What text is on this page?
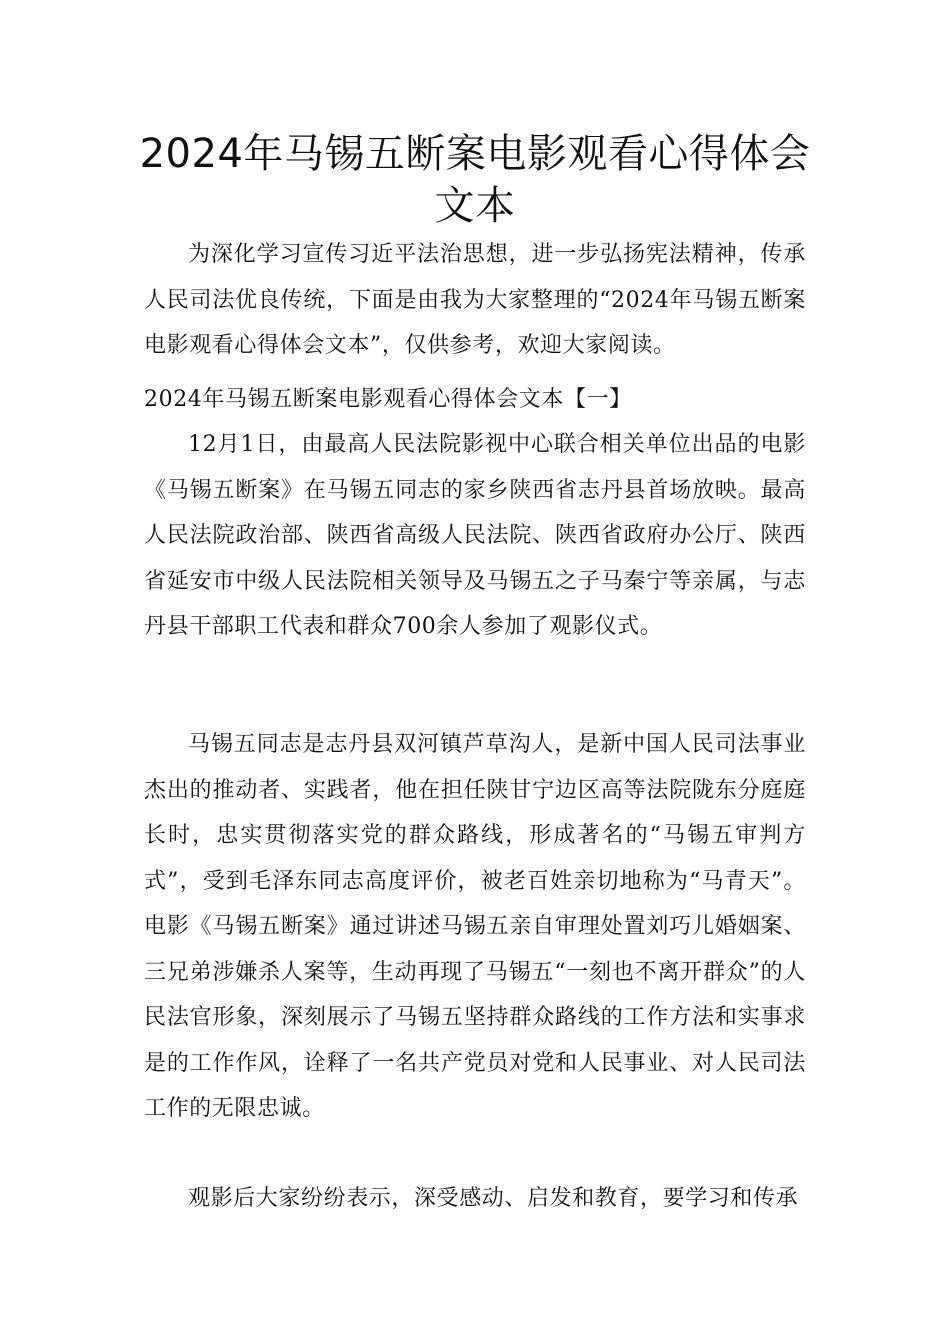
2024年马锡五断案电影观看心得体会文本

为深化学习宣传习近平法治思想，进一步弘扬宪法精神，传承人民司法优良传统，下面是由我为大家整理的“2024年马锡五断案电影观看心得体会文本”，仅供参考，欢迎大家阅读。

2024年马锡五断案电影观看心得体会文本【一】

12月1日，由最高人民法院影视中心联合相关单位出品的电影《马锡五断案》在马锡五同志的家乡陕西省志丹县首场放映。最高人民法院政治部、陕西省高级人民法院、陕西省政府办公厅、陕西省延安市中级人民法院相关领导及马锡五之子马秦宁等亲属，与志丹县干部职工代表和群众700余人参加了观影仪式。

马锡五同志是志丹县双河镇芦草沟人，是新中国人民司法事业杰出的推动者、实践者，他在担任陕甘宁边区高等法院陇东分庭庭长时，忠实贯彻落实党的群众路线，形成著名的“马锡五审判方式”，受到毛泽东同志高度评价，被老百姓亲切地称为“马青天”。电影《马锡五断案》通过讲述马锡五亲自审理处置刘巧儿婚姻案、三兄弟涉嫌杀人案等，生动再现了马锡五“一刻也不离开群众”的人民法官形象，深刻展示了马锡五坚持群众路线的工作方法和实事求是的工作作风，诠释了一名共产党员对党和人民事业、对人民司法工作的无限忠诚。

观影后大家纷纷表示，深受感动、启发和教育，要学习和传承
